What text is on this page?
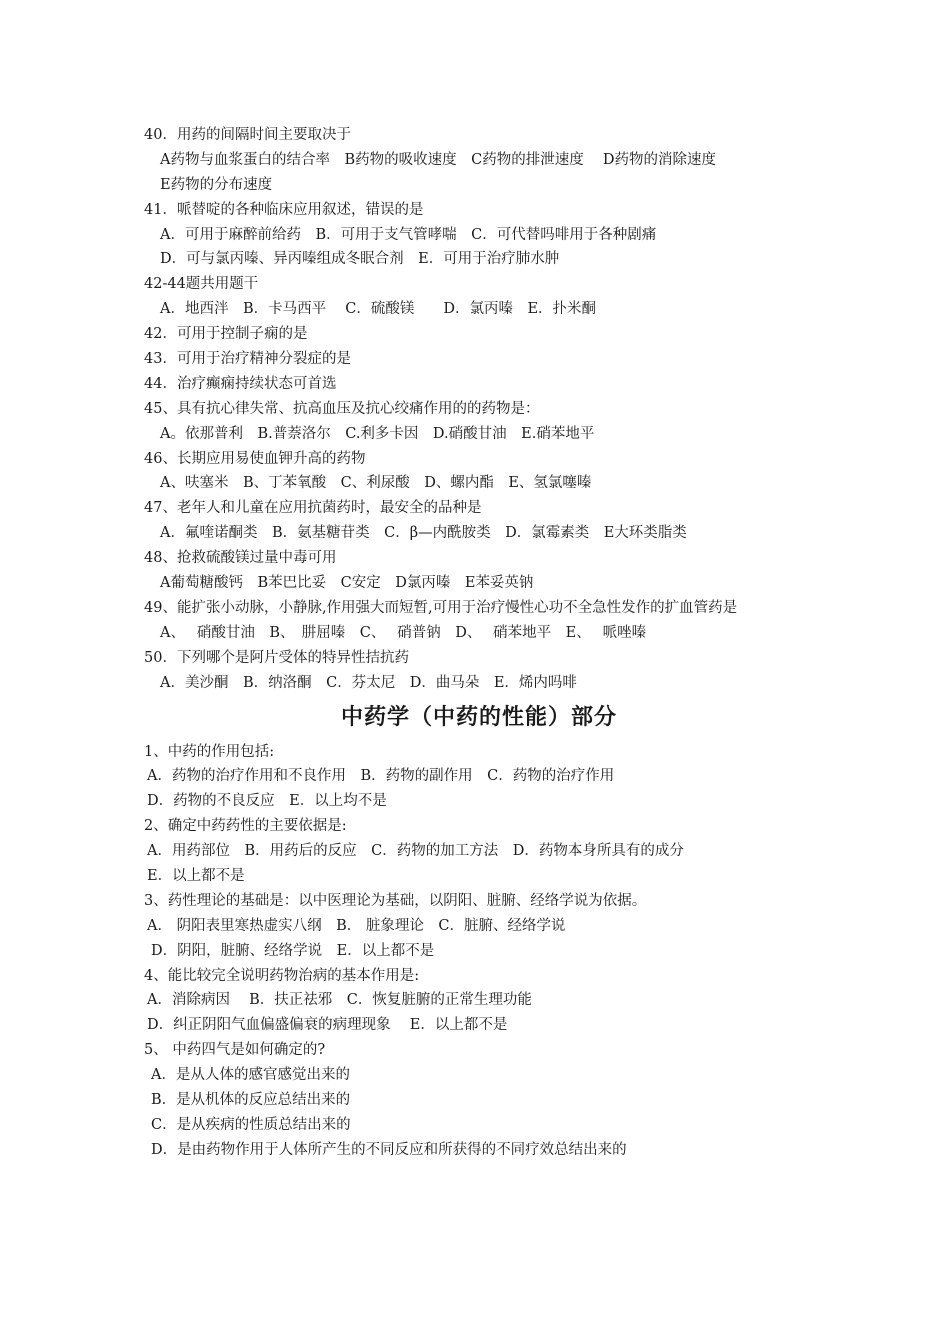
40．用药的间隔时间主要取决于
A药物与血浆蛋白的结合率　B药物的吸收速度　C药物的排泄速度　 D药物的消除速度
E药物的分布速度
41．哌替啶的各种临床应用叙述，错误的是
A．可用于麻醉前给药　B．可用于支气管哮喘　C．可代替吗啡用于各种剧痛
D．可与氯丙嗪、异丙嗪组成冬眠合剂　E．可用于治疗肺水肿
42-44题共用题干
A．地西泮　B．卡马西平　 C．硫酸镁　　D．氯丙嗪　E．扑米酮
42．可用于控制子痫的是
43．可用于治疗精神分裂症的是
44．治疗癫痫持续状态可首选
45、具有抗心律失常、抗高血压及抗心绞痛作用的的药物是：
A。依那普利　B.普萘洛尔　C.利多卡因　D.硝酸甘油　E.硝苯地平
46、长期应用易使血钾升高的药物
A、呋塞米　B、丁苯氧酸　C、利尿酸　D、螺内酯　E、氢氯噻嗪
47、老年人和儿童在应用抗菌药时，最安全的品种是
A．氟喹诺酮类　B．氨基糖苷类　C．β—内酰胺类　D．氯霉素类　E大环类脂类
48、抢救硫酸镁过量中毒可用
A葡萄糖酸钙　B苯巴比妥　C安定　D氯丙嗪　E苯妥英钠
49、能扩张小动脉，小静脉,作用强大而短暂,可用于治疗慢性心功不全急性发作的扩血管药是
A、　 硝酸甘油　B、　肼屈嗪　C、　 硝普钠　D、　 硝苯地平　E、　 哌唑嗪
50．下列哪个是阿片受体的特异性拮抗药
A．美沙酮　B．纳洛酮　C．芬太尼　D．曲马朵　E．烯内吗啡
中药学（中药的性能）部分
1、中药的作用包括:
A．药物的治疗作用和不良作用　B．药物的副作用　C．药物的治疗作用
D．药物的不良反应　E．以上均不是
2、确定中药药性的主要依据是:
A．用药部位　B．用药后的反应　C．药物的加工方法　D．药物本身所具有的成分
E．以上都不是
3、药性理论的基础是：以中医理论为基础，以阴阳、脏腑、经络学说为依据。
A． 阴阳表里寒热虚实八纲　B． 脏象理论　C．脏腑、经络学说
D．阴阳，脏腑、经络学说　E．以上都不是
4、能比较完全说明药物治病的基本作用是:
A．消除病因　 B．扶正祛邪　C．恢复脏腑的正常生理功能
D．纠正阴阳气血偏盛偏衰的病理现象　 E．以上都不是
5、 中药四气是如何确定的?
A．是从人体的感官感觉出来的
B．是从机体的反应总结出来的
C．是从疾病的性质总结出来的
D．是由药物作用于人体所产生的不同反应和所获得的不同疗效总结出来的
